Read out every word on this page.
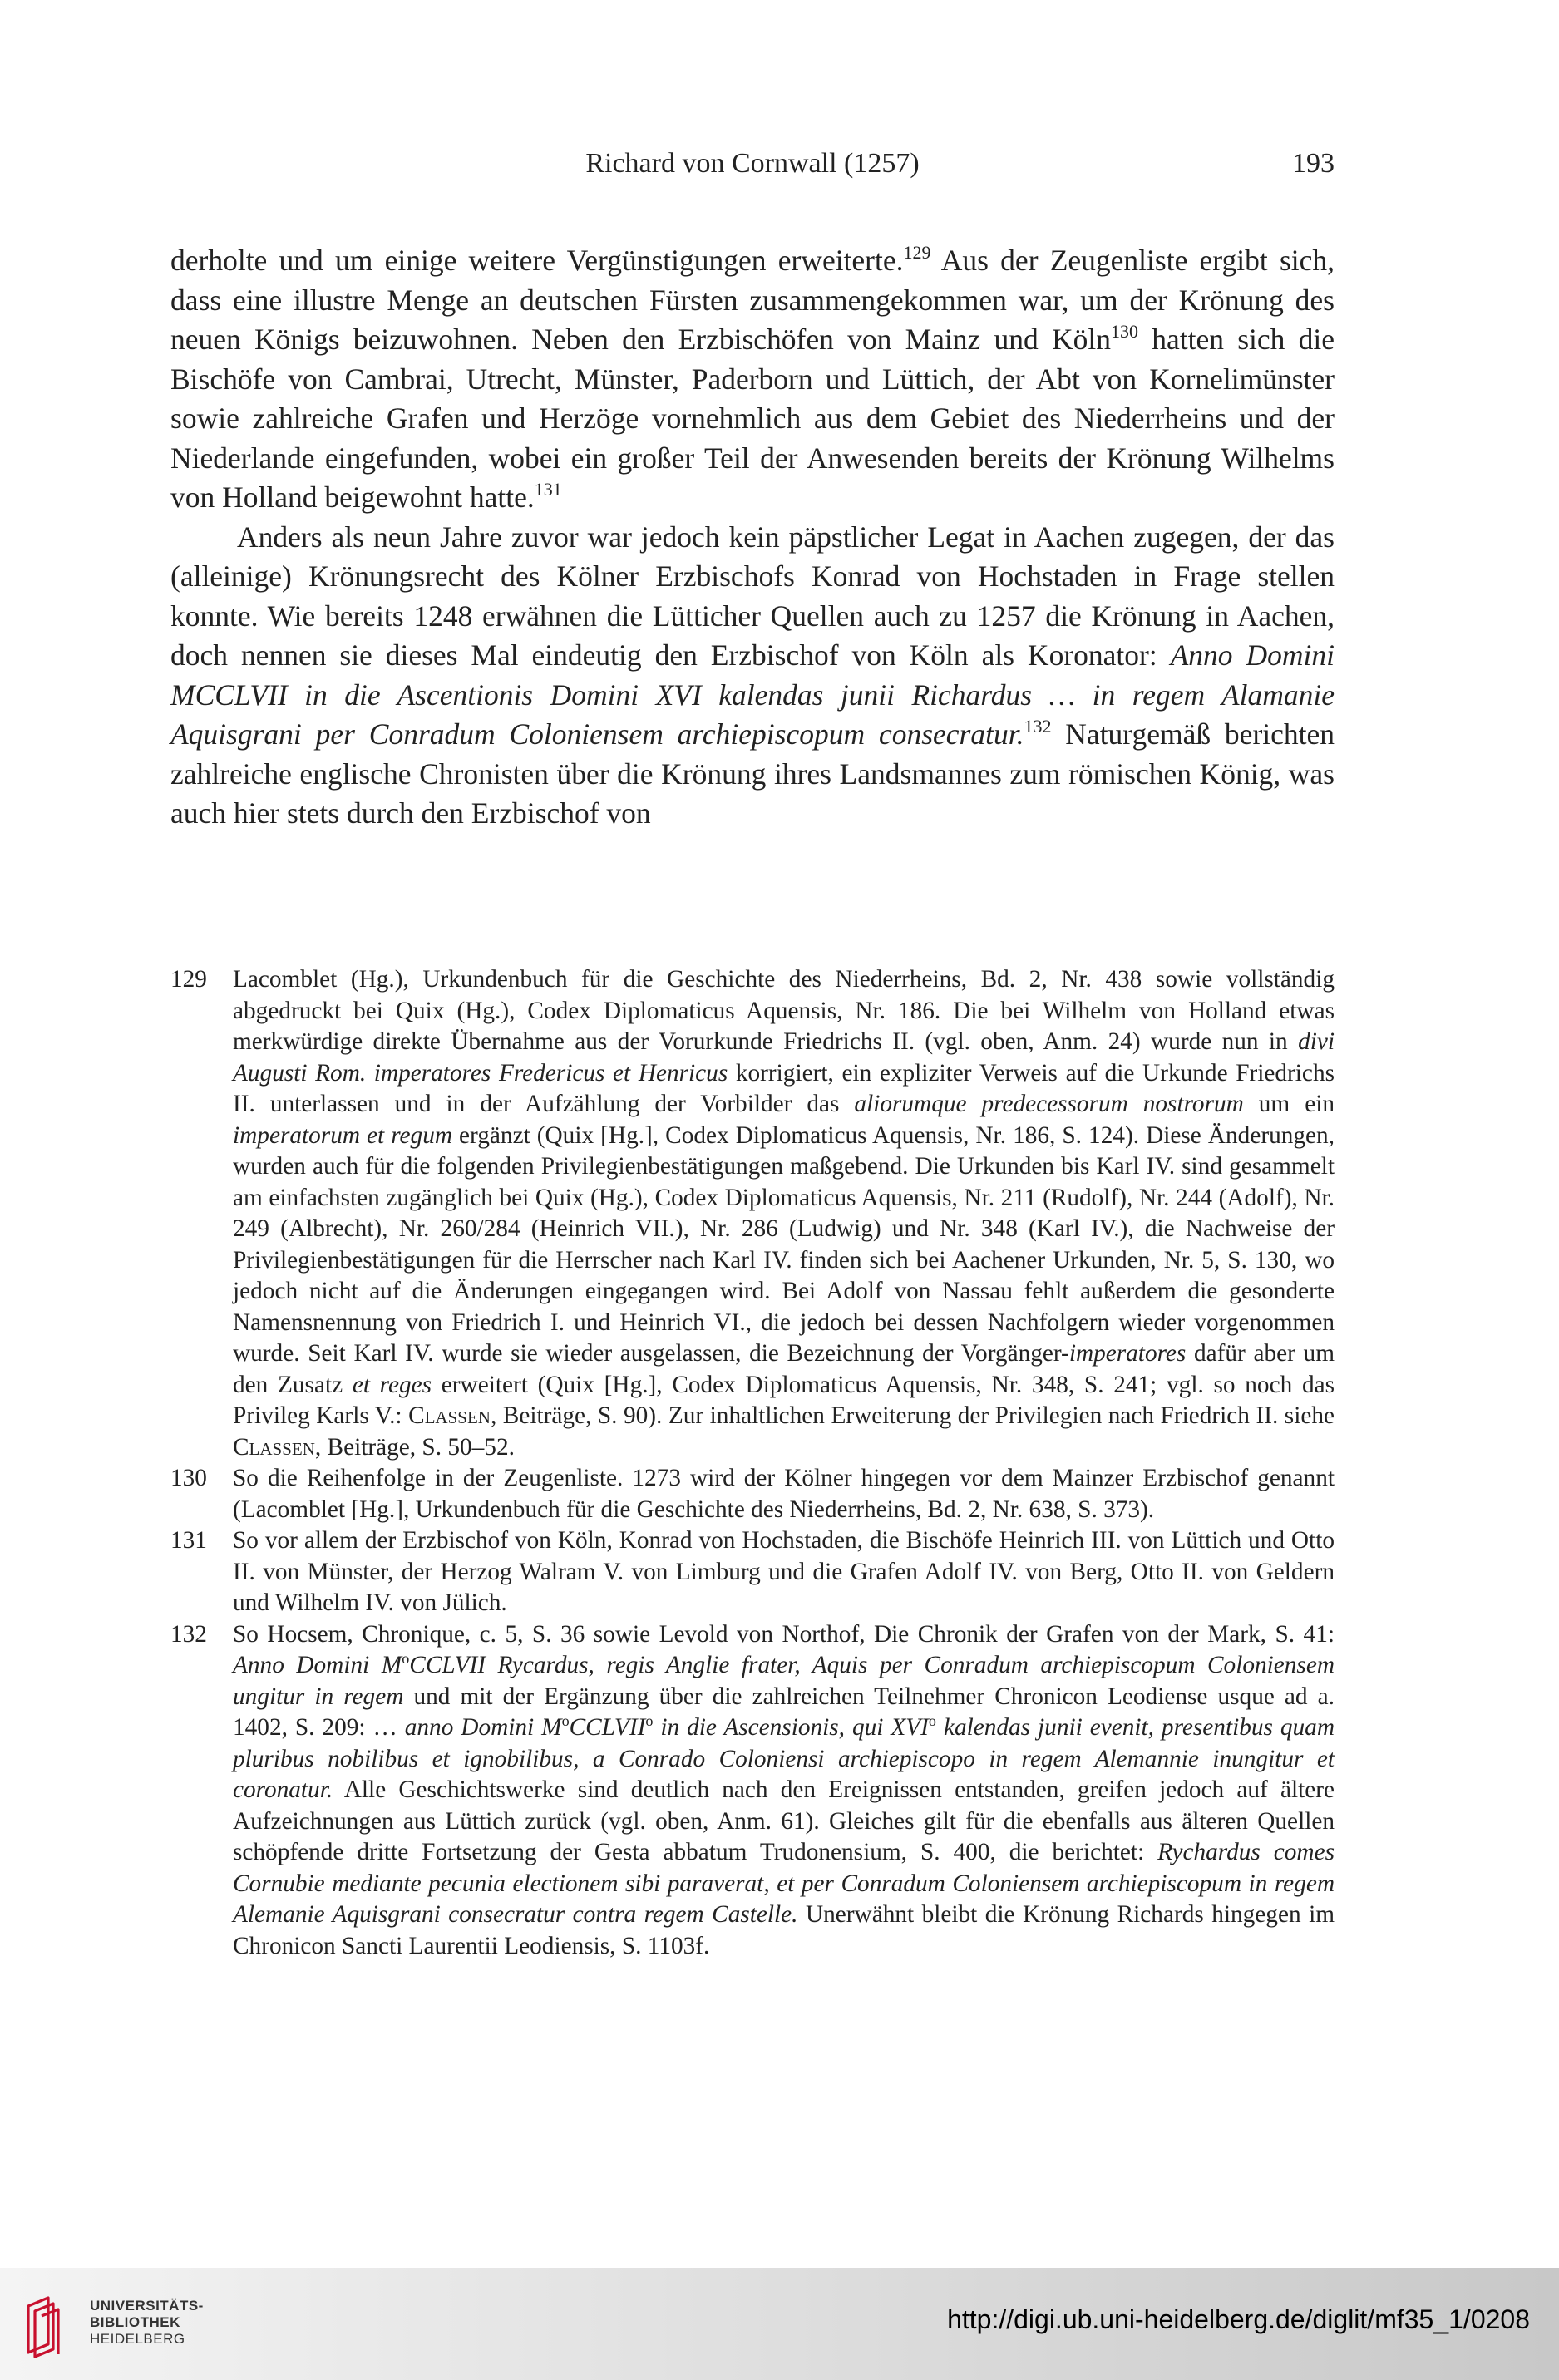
Richard von Cornwall (1257)	193

derholte und um einige weitere Vergünstigungen erweiterte.$^{129}$ Aus der Zeugenliste ergibt sich, dass eine illustre Menge an deutschen Fürsten zusammengekommen war, um der Krönung des neuen Königs beizuwohnen. Neben den Erzbischöfen von Mainz und Köln$^{130}$ hatten sich die Bischöfe von Cambrai, Utrecht, Münster, Paderborn und Lüttich, der Abt von Kornelimünster sowie zahlreiche Grafen und Herzöge vornehmlich aus dem Gebiet des Niederrheins und der Niederlande eingefunden, wobei ein großer Teil der Anwesenden bereits der Krönung Wilhelms von Holland beigewohnt hatte.$^{131}$

Anders als neun Jahre zuvor war jedoch kein päpstlicher Legat in Aachen zugegen, der das (alleinige) Krönungsrecht des Kölner Erzbischofs Konrad von Hochstaden in Frage stellen konnte. Wie bereits 1248 erwähnen die Lütticher Quellen auch zu 1257 die Krönung in Aachen, doch nennen sie dieses Mal eindeutig den Erzbischof von Köln als Koronator: Anno Domini MCCLVII in die Ascentionis Domini XVI kalendas junii Richardus … in regem Alamanie Aquisgrani per Conradum Coloniensem archiepiscopum consecratur.$^{132}$ Naturgemäß berichten zahlreiche englische Chronisten über die Krönung ihres Landsmannes zum römischen König, was auch hier stets durch den Erzbischof von

129	Lacomblet (Hg.), Urkundenbuch für die Geschichte des Niederrheins, Bd. 2, Nr. 438 sowie vollständig abgedruckt bei Quix (Hg.), Codex Diplomaticus Aquensis, Nr. 186. Die bei Wilhelm von Holland etwas merkwürdige direkte Übernahme aus der Vorurkunde Friedrichs II. (vgl. oben, Anm. 24) wurde nun in divi Augusti Rom. imperatores Fredericus et Henricus korrigiert, ein expliziter Verweis auf die Urkunde Friedrichs II. unterlassen und in der Aufzählung der Vorbilder das aliorumque predecessorum nostrorum um ein imperatorum et regum ergänzt (Quix [Hg.], Codex Diplomaticus Aquensis, Nr. 186, S. 124). Diese Änderungen, wurden auch für die folgenden Privilegienbestätigungen maßgebend. Die Urkunden bis Karl IV. sind gesammelt am einfachsten zugänglich bei Quix (Hg.), Codex Diplomaticus Aquensis, Nr. 211 (Rudolf), Nr. 244 (Adolf), Nr. 249 (Albrecht), Nr. 260/284 (Heinrich VII.), Nr. 286 (Ludwig) und Nr. 348 (Karl IV.), die Nachweise der Privilegienbestätigungen für die Herrscher nach Karl IV. finden sich bei Aachener Urkunden, Nr. 5, S. 130, wo jedoch nicht auf die Änderungen eingegangen wird. Bei Adolf von Nassau fehlt außerdem die gesonderte Namensnennung von Friedrich I. und Heinrich VI., die jedoch bei dessen Nachfolgern wieder vorgenommen wurde. Seit Karl IV. wurde sie wieder ausgelassen, die Bezeichnung der Vorgänger-imperatores dafür aber um den Zusatz et reges erweitert (Quix [Hg.], Codex Diplomaticus Aquensis, Nr. 348, S. 241; vgl. so noch das Privileg Karls V.: Classen, Beiträge, S. 90). Zur inhaltlichen Erweiterung der Privilegien nach Friedrich II. siehe Classen, Beiträge, S. 50–52.
130	So die Reihenfolge in der Zeugenliste. 1273 wird der Kölner hingegen vor dem Mainzer Erzbischof genannt (Lacomblet [Hg.], Urkundenbuch für die Geschichte des Niederrheins, Bd. 2, Nr. 638, S. 373).
131	So vor allem der Erzbischof von Köln, Konrad von Hochstaden, die Bischöfe Heinrich III. von Lüttich und Otto II. von Münster, der Herzog Walram V. von Limburg und die Grafen Adolf IV. von Berg, Otto II. von Geldern und Wilhelm IV. von Jülich.
132	So Hocsem, Chronique, c. 5, S. 36 sowie Levold von Northof, Die Chronik der Grafen von der Mark, S. 41: Anno Domini $M^oCCLVII$ Rycardus, regis Anglie frater, Aquis per Conradum archiepiscopum Coloniensem ungitur in regem und mit der Ergänzung über die zahlreichen Teilnehmer Chronicon Leodiense usque ad a. 1402, S. 209: … anno Domini $M^oCCLVII^o$ in die Ascensionis, qui XVI$^o$ kalendas junii evenit, presentibus quam pluribus nobilibus et ignobilibus, a Conrado Coloniensi archiepiscopo in regem Alemannie inungitur et coronatur. Alle Geschichtswerke sind deutlich nach den Ereignissen entstanden, greifen jedoch auf ältere Aufzeichnungen aus Lüttich zurück (vgl. oben, Anm. 61). Gleiches gilt für die ebenfalls aus älteren Quellen schöpfende dritte Fortsetzung der Gesta abbatum Trudonensium, S. 400, die berichtet: Rychardus comes Cornubie mediante pecunia electionem sibi paraverat, et per Conradum Coloniensem archiepiscopum in regem Alemanie Aquisgrani consecratur contra regem Castelle. Unerwähnt bleibt die Krönung Richards hingegen im Chronicon Sancti Laurentii Leodiensis, S. 1103f.
UNIVERSITÄTS-
BIBLIOTHEK
HEIDELBERG
http://digi.ub.uni-heidelberg.de/diglit/mf35_1/0208
